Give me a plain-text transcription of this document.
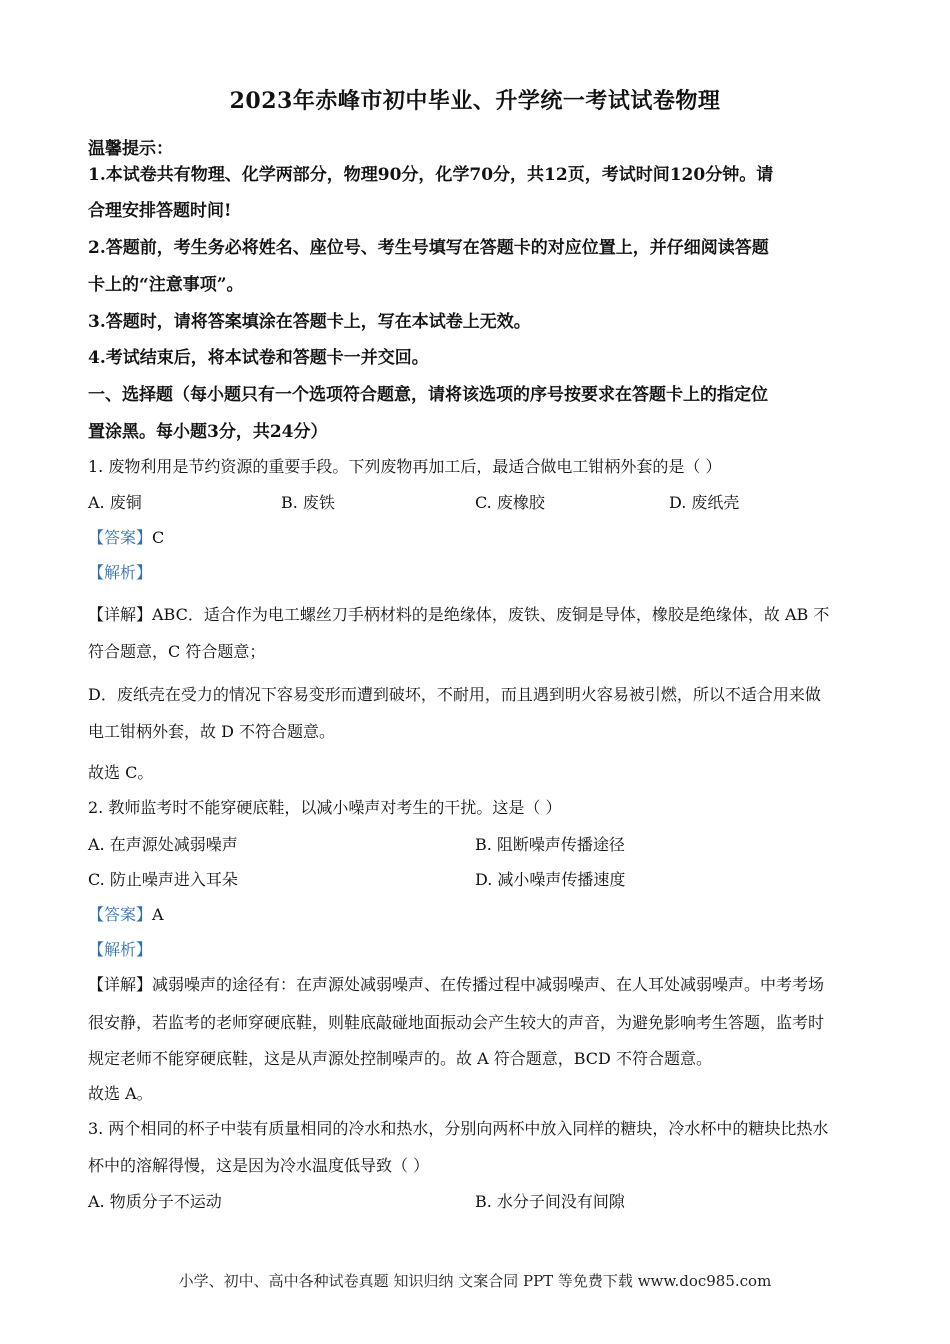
2023年赤峰市初中毕业、升学统一考试试卷物理
温馨提示：
1.本试卷共有物理、化学两部分，物理90分，化学70分，共12页，考试时间120分钟。请
合理安排答题时间!
2.答题前，考生务必将姓名、座位号、考生号填写在答题卡的对应位置上，并仔细阅读答题
卡上的“注意事项”。
3.答题时，请将答案填涂在答题卡上，写在本试卷上无效。
4.考试结束后，将本试卷和答题卡一并交回。
一、选择题（每小题只有一个选项符合题意，请将该选项的序号按要求在答题卡上的指定位
置涂黑。每小题3分，共24分）
1. 废物利用是节约资源的重要手段。下列废物再加工后，最适合做电工钳柄外套的是（ ）
A. 废铜	B. 废铁	C. 废橡胶	D. 废纸壳
【答案】C
【解析】
【详解】ABC．适合作为电工螺丝刀手柄材料的是绝缘体，废铁、废铜是导体，橡胶是绝缘体，故 AB 不
符合题意，C 符合题意；
D．废纸壳在受力的情况下容易变形而遭到破坏，不耐用，而且遇到明火容易被引燃，所以不适合用来做
电工钳柄外套，故 D 不符合题意。
故选 C。
2. 教师监考时不能穿硬底鞋，以减小噪声对考生的干扰。这是（ ）
A. 在声源处减弱噪声	B. 阻断噪声传播途径
C. 防止噪声进入耳朵	D. 减小噪声传播速度
【答案】A
【解析】
【详解】减弱噪声的途径有：在声源处减弱噪声、在传播过程中减弱噪声、在人耳处减弱噪声。中考考场
很安静，若监考的老师穿硬底鞋，则鞋底敲碰地面振动会产生较大的声音，为避免影响考生答题，监考时
规定老师不能穿硬底鞋，这是从声源处控制噪声的。故 A 符合题意，BCD 不符合题意。
故选 A。
3. 两个相同的杯子中装有质量相同的冷水和热水，分别向两杯中放入同样的糖块，冷水杯中的糖块比热水
杯中的溶解得慢，这是因为冷水温度低导致（ ）
A. 物质分子不运动	B. 水分子间没有间隙
小学、初中、高中各种试卷真题 知识归纳 文案合同 PPT 等免费下载 www.doc985.com
